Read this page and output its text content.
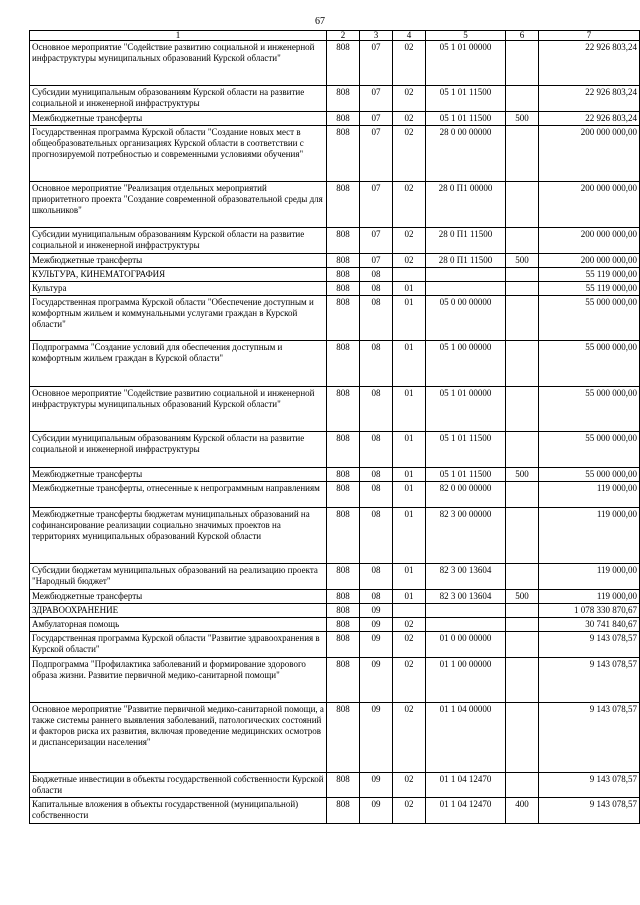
67
1	2	3	4	5	6	7
Основное мероприятие "Содействие развитию социальной и инженерной инфраструктуры муниципальных образований Курской области"	808	07	02	05 1 01 00000		22 926 803,24
Субсидии муниципальным образованиям Курской области на развитие социальной и инженерной инфраструктуры	808	07	02	05 1 01 11500		22 926 803,24
Межбюджетные трансферты	808	07	02	05 1 01 11500	500	22 926 803,24
Государственная программа Курской области "Создание новых мест в общеобразовательных организациях Курской области в соответствии с прогнозируемой потребностью и современными условиями обучения"	808	07	02	28 0 00 00000		200 000 000,00
Основное мероприятие "Реализация отдельных мероприятий приоритетного проекта "Создание современной образовательной среды для школьников"	808	07	02	28 0 П1 00000		200 000 000,00
Субсидии муниципальным образованиям Курской области на развитие социальной и инженерной инфраструктуры	808	07	02	28 0 П1 11500		200 000 000,00
Межбюджетные трансферты	808	07	02	28 0 П1 11500	500	200 000 000,00
КУЛЬТУРА, КИНЕМАТОГРАФИЯ	808	08				55 119 000,00
Культура	808	08	01			55 119 000,00
Государственная программа Курской области "Обеспечение доступным и комфортным жильем и коммунальными услугами граждан в Курской области"	808	08	01	05 0 00 00000		55 000 000,00
Подпрограмма "Создание условий для обеспечения доступным и комфортным жильем граждан в Курской области"	808	08	01	05 1 00 00000		55 000 000,00
Основное мероприятие "Содействие развитию социальной и инженерной инфраструктуры муниципальных образований Курской области"	808	08	01	05 1 01 00000		55 000 000,00
Субсидии муниципальным образованиям Курской области на развитие социальной и инженерной инфраструктуры	808	08	01	05 1 01 11500		55 000 000,00
Межбюджетные трансферты	808	08	01	05 1 01 11500	500	55 000 000,00
Межбюджетные трансферты, отнесенные к непрограммным направлениям	808	08	01	82 0 00 00000		119 000,00
Межбюджетные трансферты бюджетам муниципальных образований на софинансирование реализации социально значимых проектов на территориях муниципальных образований Курской области	808	08	01	82 3 00 00000		119 000,00
Субсидии бюджетам муниципальных образований на реализацию проекта "Народный бюджет"	808	08	01	82 3 00 13604		119 000,00
Межбюджетные трансферты	808	08	01	82 3 00 13604	500	119 000,00
ЗДРАВООХРАНЕНИЕ	808	09				1 078 330 870,67
Амбулаторная помощь	808	09	02			30 741 840,67
Государственная программа Курской области "Развитие здравоохранения в Курской области"	808	09	02	01 0 00 00000		9 143 078,57
Подпрограмма "Профилактика заболеваний и формирование здорового образа жизни. Развитие первичной медико-санитарной помощи"	808	09	02	01 1 00 00000		9 143 078,57
Основное мероприятие "Развитие первичной медико-санитарной помощи, а также системы раннего выявления заболеваний, патологических состояний и факторов риска их развития, включая проведение медицинских осмотров и диспансеризации населения"	808	09	02	01 1 04 00000		9 143 078,57
Бюджетные инвестиции в объекты государственной собственности Курской области	808	09	02	01 1 04 12470		9 143 078,57
Капитальные вложения в объекты государственной (муниципальной) собственности	808	09	02	01 1 04 12470	400	9 143 078,57
